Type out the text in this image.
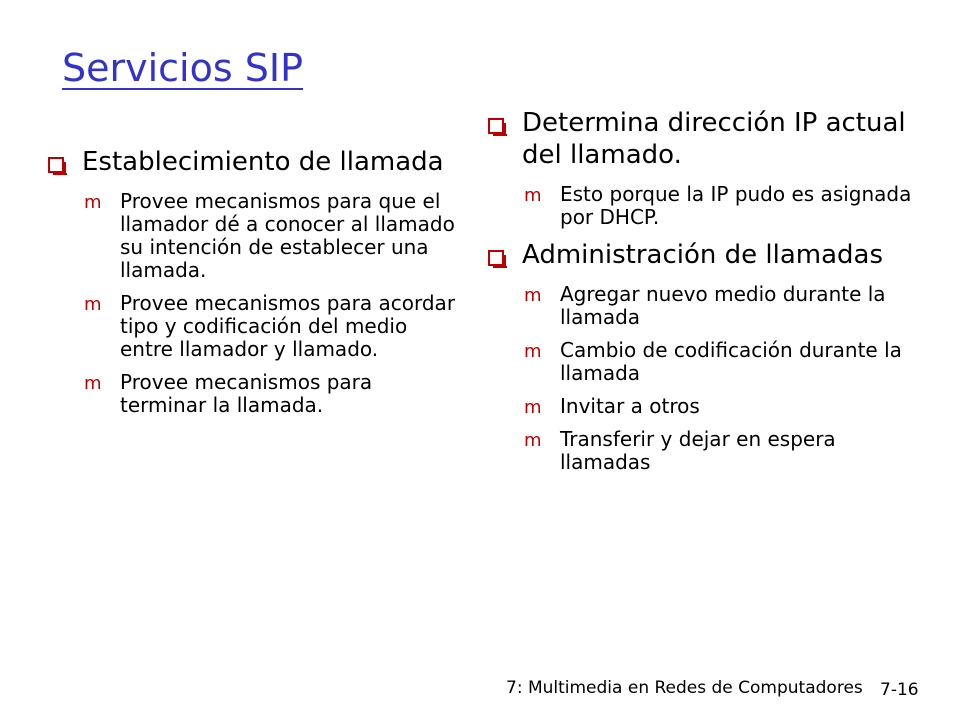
Servicios SIP
Establecimiento de llamada
m Provee mecanismos para que el llamador dé a conocer al llamado su intención de establecer una llamada.
m Provee mecanismos para acordar tipo y codificación del medio entre llamador y llamado.
m Provee mecanismos para terminar la llamada.
Determina dirección IP actual del llamado.
m Esto porque la IP pudo es asignada por DHCP.
Administración de llamadas
m Agregar nuevo medio durante la llamada
m Cambio de codificación durante la llamada
m Invitar a otros
m Transferir y dejar en espera llamadas
7: Multimedia en Redes de Computadores 7-16
